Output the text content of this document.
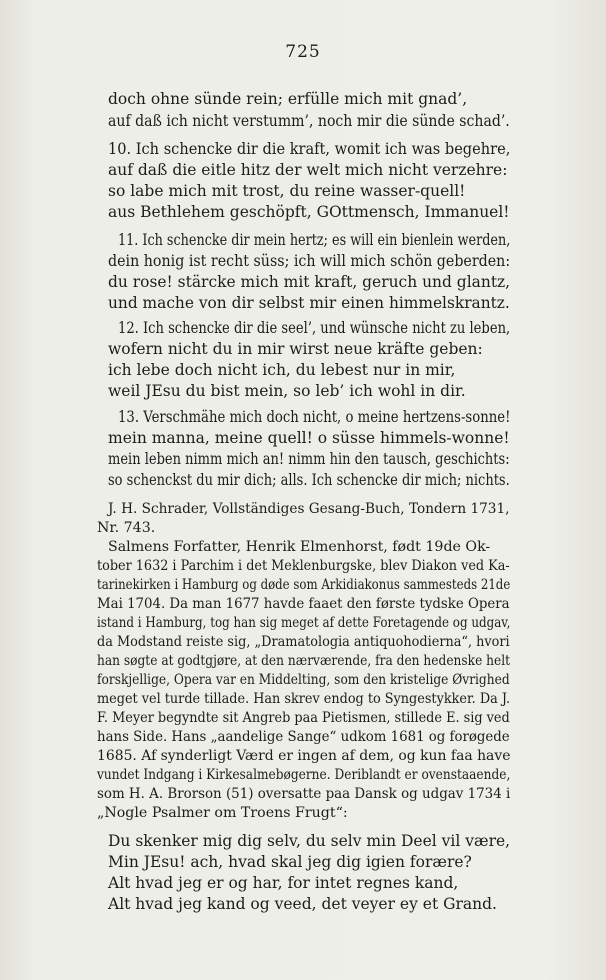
725
doch ohne sünde rein; erfülle mich mit gnad’,
auf daß ich nicht verstumm’, noch mir die sünde schad’.
10. Ich schencke dir die kraft, womit ich was begehre,
auf daß die eitle hitz der welt mich nicht verzehre:
so labe mich mit trost, du reine wasser-quell!
aus Bethlehem geschöpft, GOttmensch, Immanuel!
11. Ich schencke dir mein hertz; es will ein bienlein werden,
dein honig ist recht süss; ich will mich schön geberden:
du rose! stärcke mich mit kraft, geruch und glantz,
und mache von dir selbst mir einen himmelskrantz.
12. Ich schencke dir die seel’, und wünsche nicht zu leben,
wofern nicht du in mir wirst neue kräfte geben:
ich lebe doch nicht ich, du lebest nur in mir,
weil JEsu du bist mein, so leb’ ich wohl in dir.
13. Verschmähe mich doch nicht, o meine hertzens-sonne!
mein manna, meine quell! o süsse himmels-wonne!
mein leben nimm mich an! nimm hin den tausch, geschichts:
so schenckst du mir dich; alls. Ich schencke dir mich; nichts.
J. H. Schrader, Vollständiges Gesang-Buch, Tondern 1731,
Nr. 743.
Salmens Forfatter, Henrik Elmenhorst, født 19de Ok-
tober 1632 i Parchim i det Meklenburgske, blev Diakon ved Ka-
tarinekirken i Hamburg og døde som Arkidiakonus sammesteds 21de
Mai 1704. Da man 1677 havde faaet den første tydske Opera
istand i Hamburg, tog han sig meget af dette Foretagende og udgav,
da Modstand reiste sig, „Dramatologia antiquohodierna“, hvori
han søgte at godtgjøre, at den nærværende, fra den hedenske helt
forskjellige, Opera var en Middelting, som den kristelige Øvrighed
meget vel turde tillade. Han skrev endog to Syngestykker. Da J.
F. Meyer begyndte sit Angreb paa Pietismen, stillede E. sig ved
hans Side. Hans „aandelige Sange“ udkom 1681 og forøgede
1685. Af synderligt Værd er ingen af dem, og kun faa have
vundet Indgang i Kirkesalmebøgerne. Deriblandt er ovenstaaende,
som H. A. Brorson (51) oversatte paa Dansk og udgav 1734 i
„Nogle Psalmer om Troens Frugt“:
Du skenker mig dig selv, du selv min Deel vil være,
Min JEsu! ach, hvad skal jeg dig igien forære?
Alt hvad jeg er og har, for intet regnes kand,
Alt hvad jeg kand og veed, det veyer ey et Grand.
